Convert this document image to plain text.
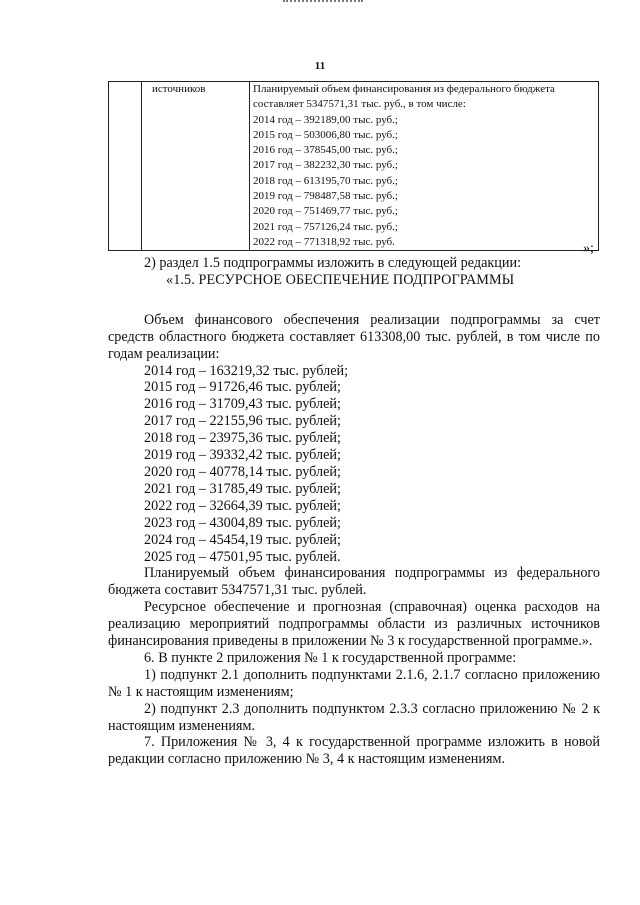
11
	источников	Планируемый объем финансирования из федерального бюджета
составляет 5347571,31 тыс. руб., в том числе:
2014 год – 392189,00 тыс. руб.;
2015 год – 503006,80 тыс. руб.;
2016 год – 378545,00 тыс. руб.;
2017 год – 382232,30 тыс. руб.;
2018 год – 613195,70 тыс. руб.;
2019 год – 798487,58 тыс. руб.;
2020 год – 751469,77 тыс. руб.;
2021 год – 757126,24 тыс. руб.;
2022 год – 771318,92 тыс. руб.	»;

2) раздел 1.5 подпрограммы изложить в следующей редакции:

«1.5. РЕСУРСНОЕ ОБЕСПЕЧЕНИЕ ПОДПРОГРАММЫ

Объем финансового обеспечения реализации подпрограммы за счет средств областного бюджета составляет 613308,00 тыс. рублей, в том числе по годам реализации:

2014 год – 163219,32 тыс. рублей;

2015 год – 91726,46 тыс. рублей;

2016 год – 31709,43 тыс. рублей;

2017 год – 22155,96 тыс. рублей;

2018 год – 23975,36 тыс. рублей;

2019 год – 39332,42 тыс. рублей;

2020 год – 40778,14 тыс. рублей;

2021 год – 31785,49 тыс. рублей;

2022 год – 32664,39 тыс. рублей;

2023 год – 43004,89 тыс. рублей;

2024 год – 45454,19 тыс. рублей;

2025 год – 47501,95 тыс. рублей.

Планируемый объем финансирования подпрограммы из федерального бюджета составит 5347571,31 тыс. рублей.

Ресурсное обеспечение и прогнозная (справочная) оценка расходов на реализацию мероприятий подпрограммы области из различных источников финансирования приведены в приложении № 3 к государственной программе.».

6. В пункте 2 приложения № 1 к государственной программе:

1) подпункт 2.1 дополнить подпунктами 2.1.6, 2.1.7 согласно приложению № 1 к настоящим изменениям;

2) подпункт 2.3 дополнить подпунктом 2.3.3 согласно приложению № 2 к настоящим изменениям.

7. Приложения № 3, 4 к государственной программе изложить в новой редакции согласно приложению № 3, 4 к настоящим изменениям.
